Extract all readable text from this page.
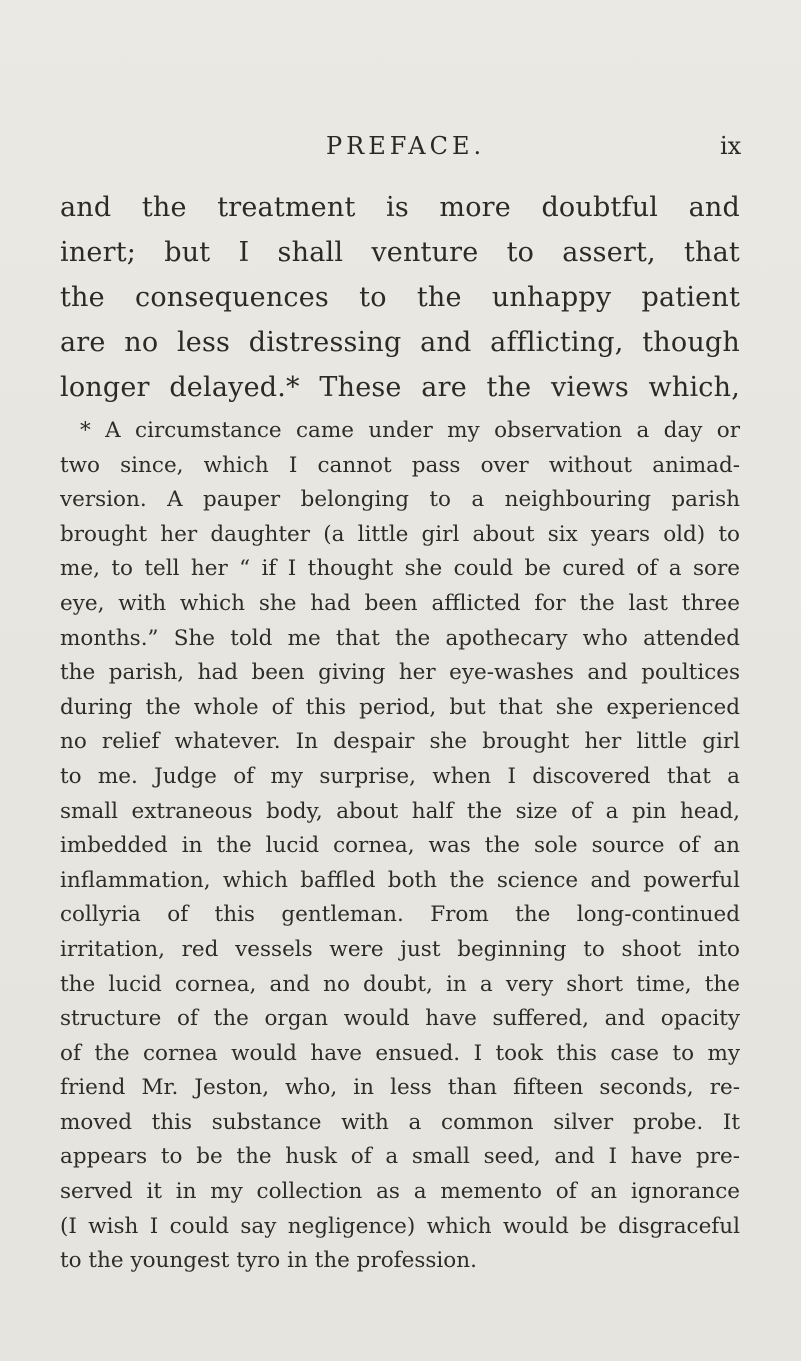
PREFACE.	ix
and the treatment is more doubtful and
inert; but I shall venture to assert, that
the consequences to the unhappy patient
are no less distressing and afflicting, though
longer delayed.* These are the views which,
* A circumstance came under my observation a day or
two since, which I cannot pass over without animad-
version. A pauper belonging to a neighbouring parish
brought her daughter (a little girl about six years old) to
me, to tell her “ if I thought she could be cured of a sore
eye, with which she had been afflicted for the last three
months.” She told me that the apothecary who attended
the parish, had been giving her eye-washes and poultices
during the whole of this period, but that she experienced
no relief whatever. In despair she brought her little girl
to me. Judge of my surprise, when I discovered that a
small extraneous body, about half the size of a pin head,
imbedded in the lucid cornea, was the sole source of an
inflammation, which baffled both the science and powerful
collyria of this gentleman. From the long-continued
irritation, red vessels were just beginning to shoot into
the lucid cornea, and no doubt, in a very short time, the
structure of the organ would have suffered, and opacity
of the cornea would have ensued. I took this case to my
friend Mr. Jeston, who, in less than fifteen seconds, re-
moved this substance with a common silver probe. It
appears to be the husk of a small seed, and I have pre-
served it in my collection as a memento of an ignorance
(I wish I could say negligence) which would be disgraceful
to the youngest tyro in the profession.
